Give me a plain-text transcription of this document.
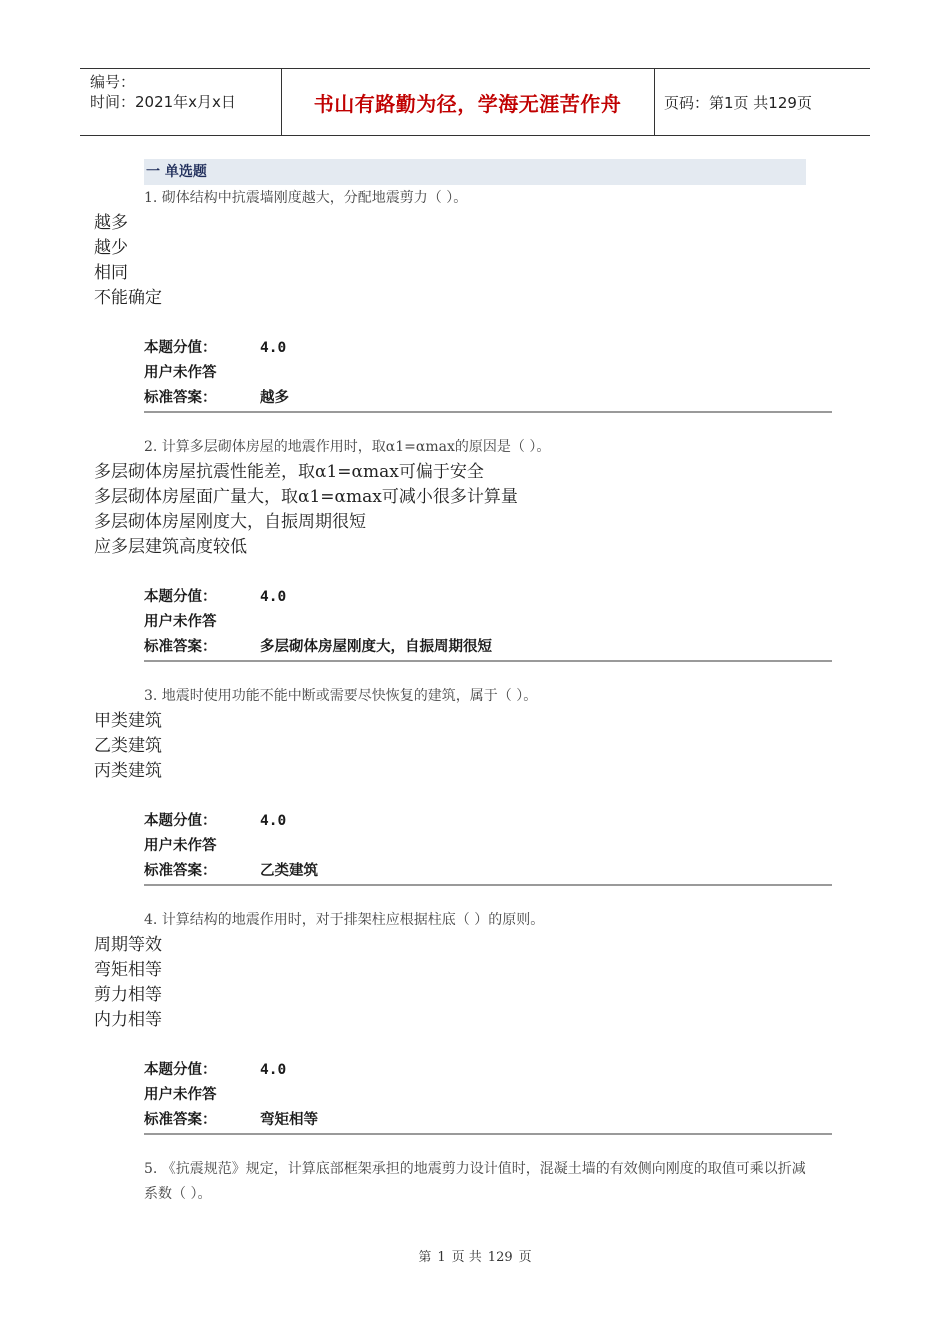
编号：
时间：2021年x月x日	书山有路勤为径，学海无涯苦作舟	页码：第1页 共129页
一 单选题
1. 砌体结构中抗震墙刚度越大，分配地震剪力（ ）。
越多
越少
相同
不能确定
本题分值：	4.0
用户未作答
标准答案：	越多
2. 计算多层砌体房屋的地震作用时，取α1=αmax的原因是（ ）。
多层砌体房屋抗震性能差，取α1=αmax可偏于安全
多层砌体房屋面广量大，取α1=αmax可减小很多计算量
多层砌体房屋刚度大，自振周期很短
应多层建筑高度较低
本题分值：	4.0
用户未作答
标准答案：	多层砌体房屋刚度大，自振周期很短
3. 地震时使用功能不能中断或需要尽快恢复的建筑，属于（ ）。
甲类建筑
乙类建筑
丙类建筑
本题分值：	4.0
用户未作答
标准答案：	乙类建筑
4. 计算结构的地震作用时，对于排架柱应根据柱底（ ）的原则。
周期等效
弯矩相等
剪力相等
内力相等
本题分值：	4.0
用户未作答
标准答案：	弯矩相等
5. 《抗震规范》规定，计算底部框架承担的地震剪力设计值时，混凝土墙的有效侧向刚度的取值可乘以折减系数（ ）。
第 1 页 共 129 页
